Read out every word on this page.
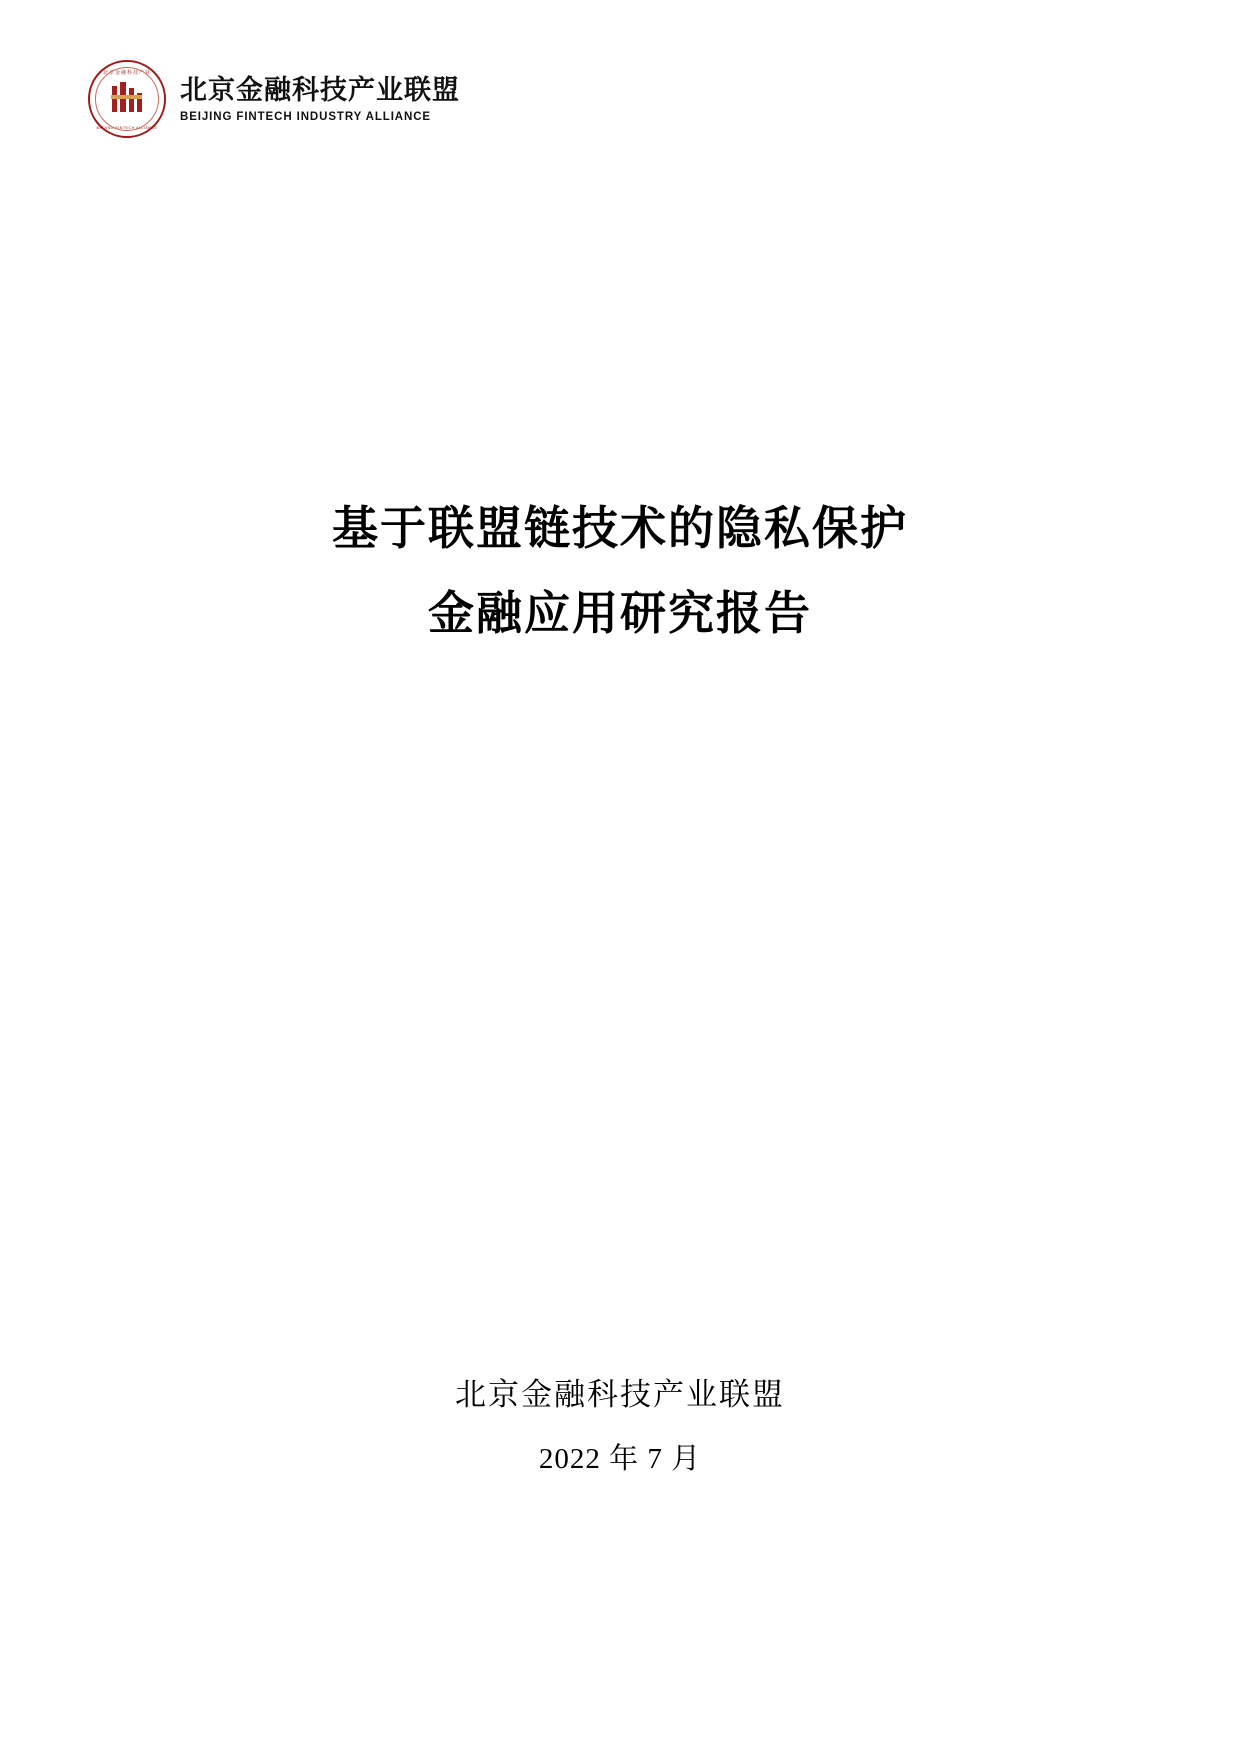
北京金融科技产业
BEIJING FINTECH ALLIANCE
北京金融科技产业联盟
BEIJING FINTECH INDUSTRY ALLIANCE
基于联盟链技术的隐私保护
金融应用研究报告
北京金融科技产业联盟
2022 年 7 月
